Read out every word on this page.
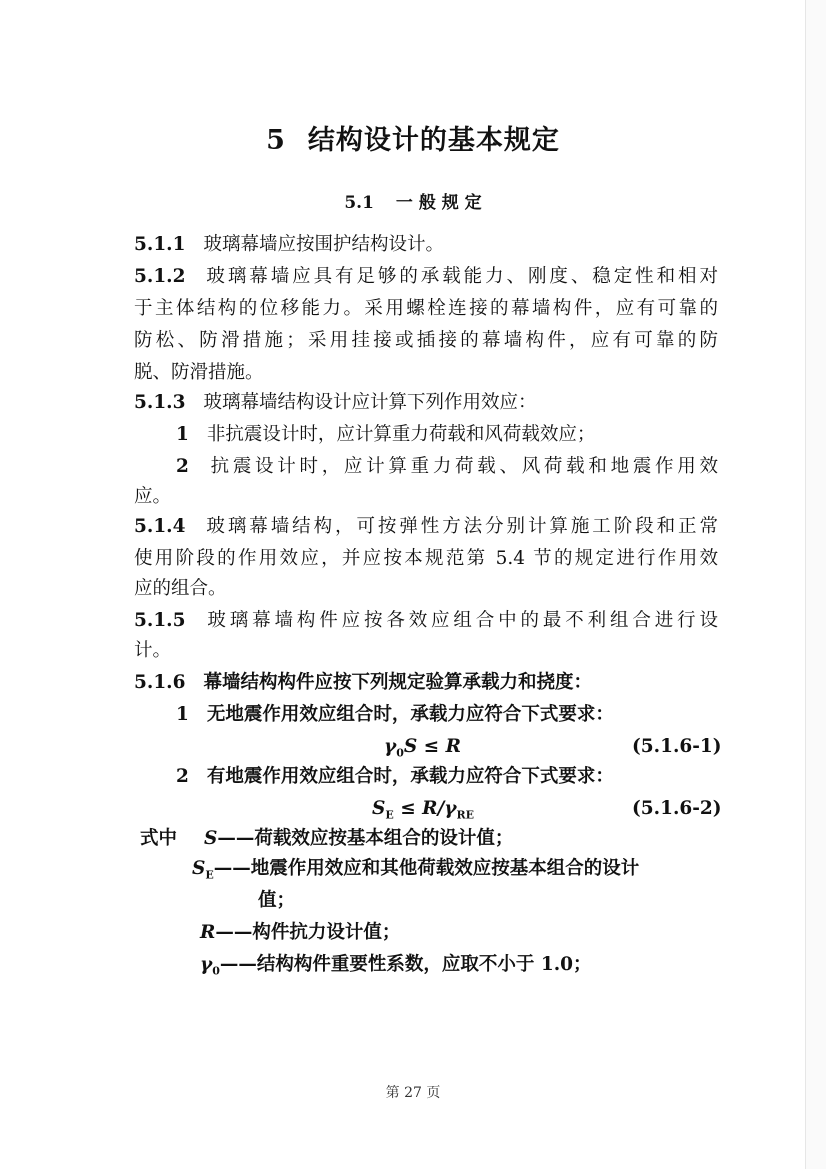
5 结构设计的基本规定
5.1 一 般 规 定
5.1.1 玻璃幕墙应按围护结构设计。
5.1.2 玻璃幕墙应具有足够的承载能力、刚度、稳定性和相对
于主体结构的位移能力。采用螺栓连接的幕墙构件，应有可靠的
防松、防滑措施；采用挂接或插接的幕墙构件，应有可靠的防
脱、防滑措施。
5.1.3 玻璃幕墙结构设计应计算下列作用效应：
1 非抗震设计时，应计算重力荷载和风荷载效应；
2 抗震设计时，应计算重力荷载、风荷载和地震作用效
应。
5.1.4 玻璃幕墙结构，可按弹性方法分别计算施工阶段和正常
使用阶段的作用效应，并应按本规范第 5.4 节的规定进行作用效
应的组合。
5.1.5 玻璃幕墙构件应按各效应组合中的最不利组合进行设
计。
5.1.6 幕墙结构构件应按下列规定验算承载力和挠度：
1 无地震作用效应组合时，承载力应符合下式要求：
$\gamma_0S \le R$	(5.1.6-1)
2 有地震作用效应组合时，承载力应符合下式要求：
$S_E \le R/\gamma_{RE}$	(5.1.6-2)
式中 S——荷载效应按基本组合的设计值；
$S_E——$地震作用效应和其他荷载效应按基本组合的设计
值；
R——构件抗力设计值；
$\gamma_0——$结构构件重要性系数，应取不小于 1.0；
第 27 页
